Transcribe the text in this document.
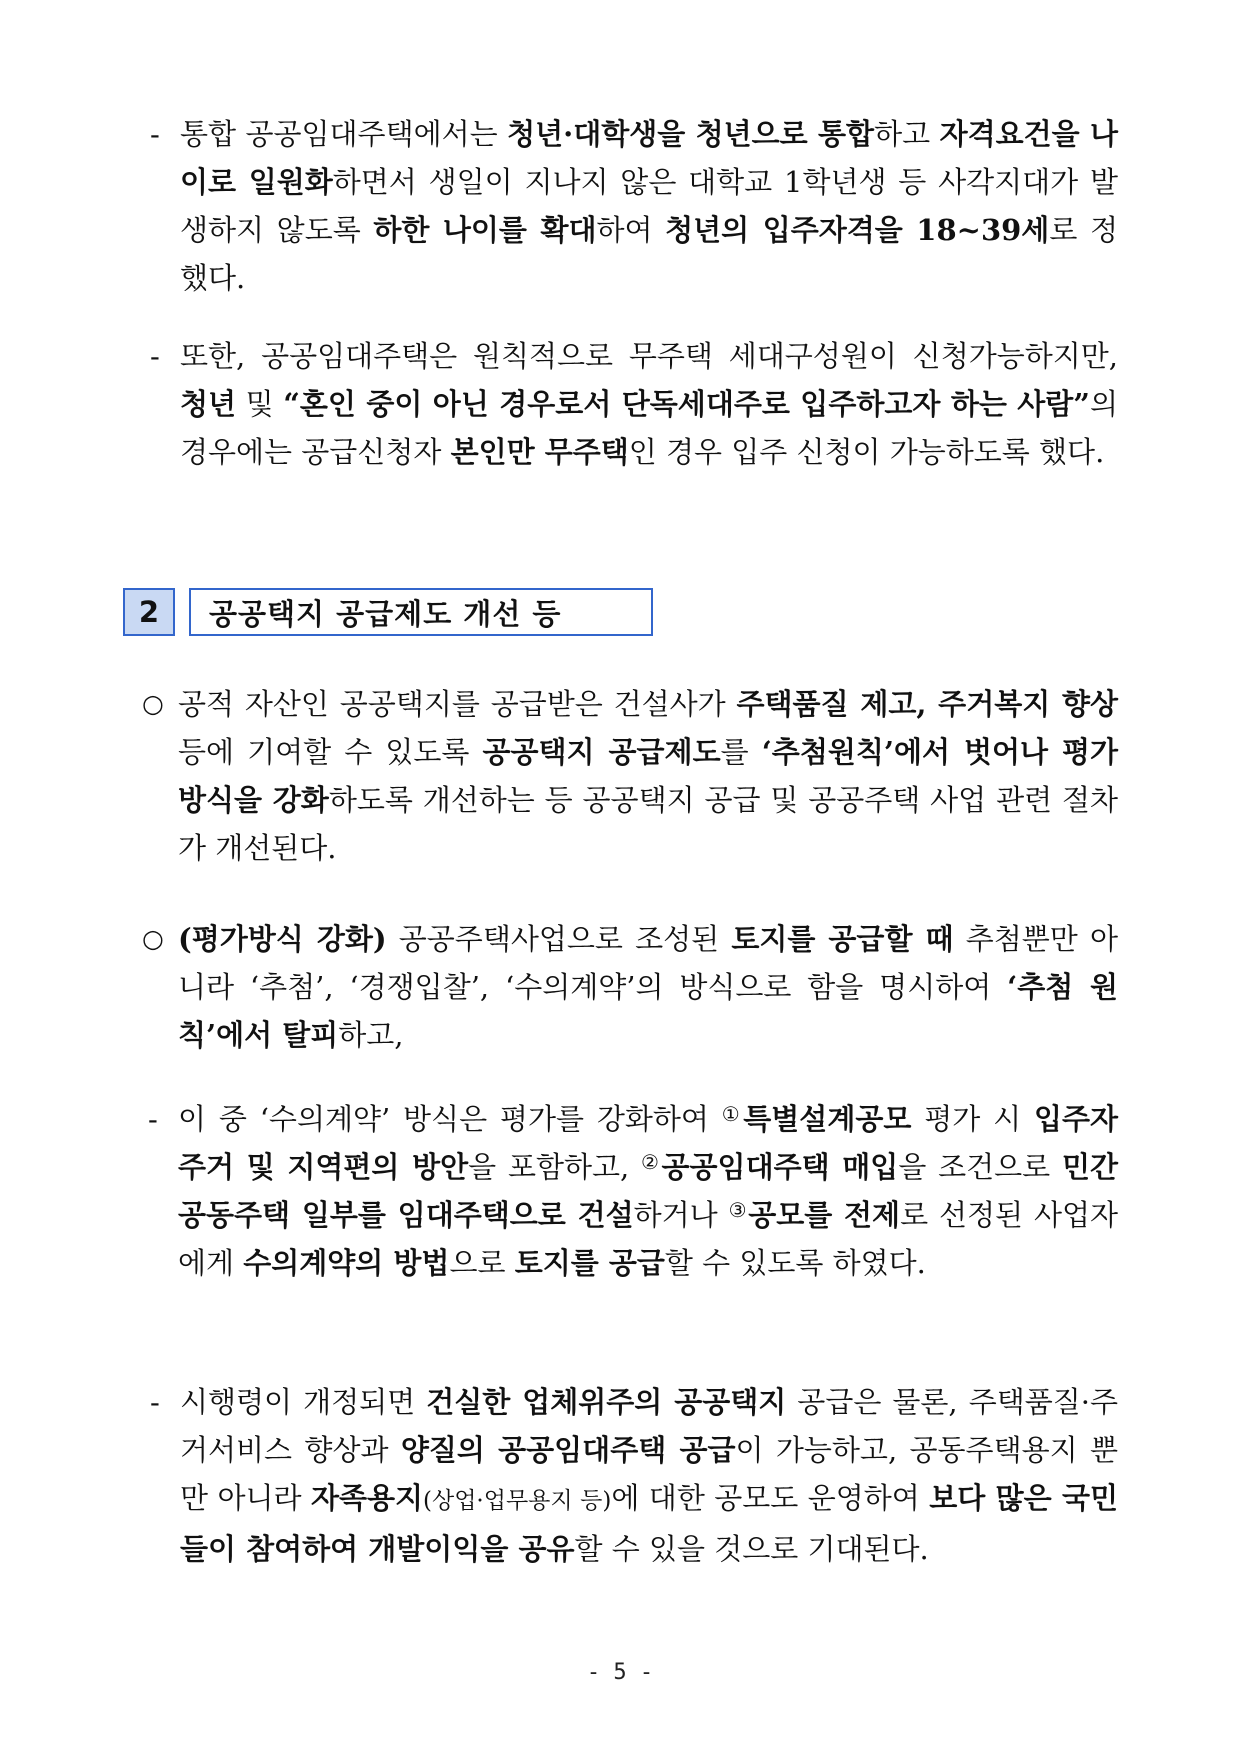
- 통합 공공임대주택에서는 청년·대학생을 청년으로 통합하고 자격요건을 나이로 일원화하면서 생일이 지나지 않은 대학교 1학년생 등 사각지대가 발생하지 않도록 하한 나이를 확대하여 청년의 입주자격을 18~39세로 정했다.
- 또한, 공공임대주택은 원칙적으로 무주택 세대구성원이 신청가능하지만, 청년 및 “혼인 중이 아닌 경우로서 단독세대주로 입주하고자 하는 사람”의 경우에는 공급신청자 본인만 무주택인 경우 입주 신청이 가능하도록 했다.
2	공공택지 공급제도 개선 등
○ 공적 자산인 공공택지를 공급받은 건설사가 주택품질 제고, 주거복지 향상 등에 기여할 수 있도록 공공택지 공급제도를 ‘추첨원칙’에서 벗어나 평가 방식을 강화하도록 개선하는 등 공공택지 공급 및 공공주택 사업 관련 절차가 개선된다.
○ (평가방식 강화) 공공주택사업으로 조성된 토지를 공급할 때 추첨뿐만 아니라 ‘추첨’, ‘경쟁입찰’, ‘수의계약’의 방식으로 함을 명시하여 ‘추첨 원칙’에서 탈피하고,
- 이 중 ‘수의계약’ 방식은 평가를 강화하여 ①특별설계공모 평가 시 입주자 주거 및 지역편의 방안을 포함하고, ②공공임대주택 매입을 조건으로 민간공동주택 일부를 임대주택으로 건설하거나 ③공모를 전제로 선정된 사업자에게 수의계약의 방법으로 토지를 공급할 수 있도록 하였다.
- 시행령이 개정되면 건실한 업체위주의 공공택지 공급은 물론, 주택품질·주거서비스 향상과 양질의 공공임대주택 공급이 가능하고, 공동주택용지 뿐만 아니라 자족용지(상업·업무용지 등)에 대한 공모도 운영하여 보다 많은 국민들이 참여하여 개발이익을 공유할 수 있을 것으로 기대된다.
- 5 -
